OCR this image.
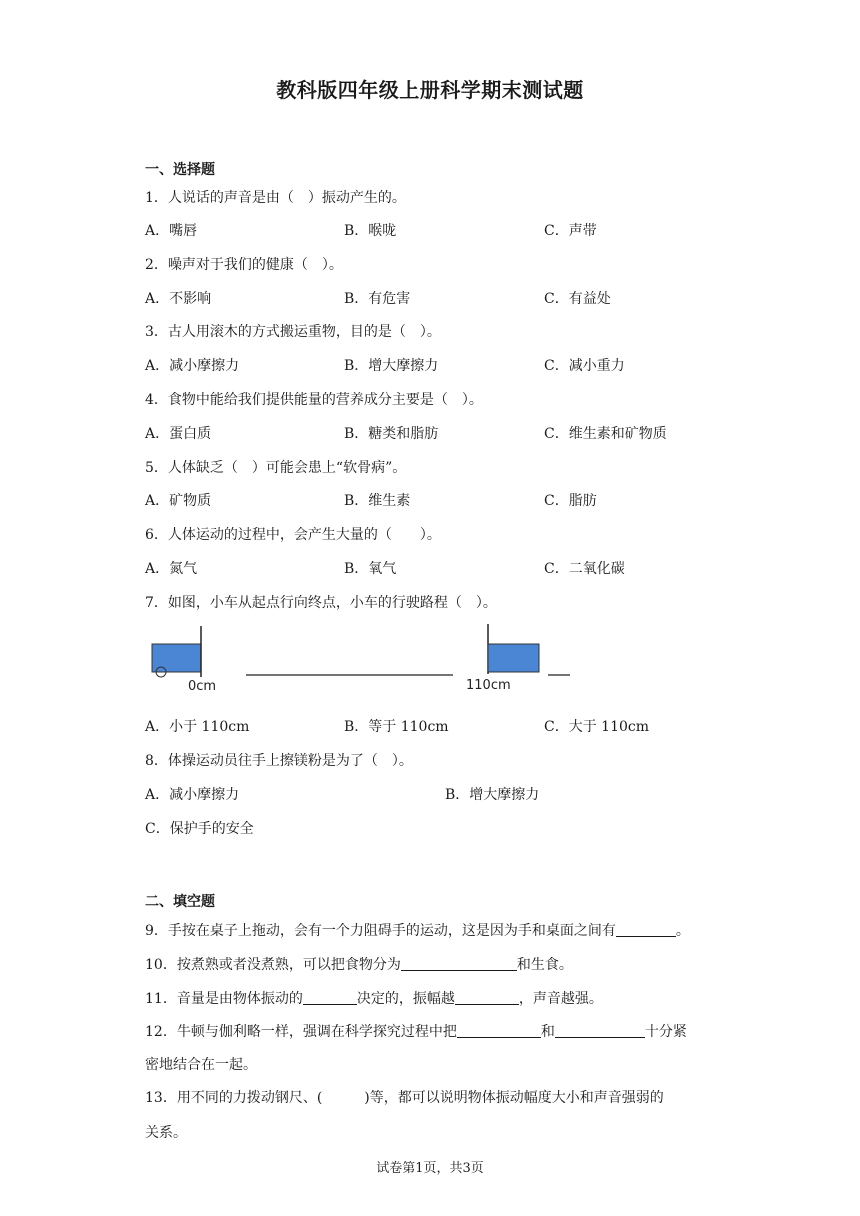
教科版四年级上册科学期末测试题
一、选择题
1．人说话的声音是由（　）振动产生的。
A．嘴唇	B．喉咙	C．声带
2．噪声对于我们的健康（　）。
A．不影响	B．有危害	C．有益处
3．古人用滚木的方式搬运重物，目的是（　）。
A．减小摩擦力	B．增大摩擦力	C．减小重力
4．食物中能给我们提供能量的营养成分主要是（　）。
A．蛋白质	B．糖类和脂肪	C．维生素和矿物质
5．人体缺乏（　）可能会患上“软骨病”。
A．矿物质	B．维生素	C．脂肪
6．人体运动的过程中，会产生大量的（　　）。
A．氮气	B．氧气	C．二氧化碳
7．如图，小车从起点行向终点，小车的行驶路程（　）。
0cm	110cm
A．小于 110cm	B．等于 110cm	C．大于 110cm
8．体操运动员往手上擦镁粉是为了（　）。
A．减小摩擦力	B．增大摩擦力
C．保护手的安全
二、填空题
9．手按在桌子上拖动，会有一个力阻碍手的运动，这是因为手和桌面之间有	。
10．按煮熟或者没煮熟，可以把食物分为	和生食。
11．音量是由物体振动的	决定的，振幅越	，声音越强。
12．牛顿与伽利略一样，强调在科学探究过程中把	和	十分紧
密地结合在一起。
13．用不同的力拨动钢尺、(	)等，都可以说明物体振动幅度大小和声音强弱的
关系。
试卷第1页，共3页
